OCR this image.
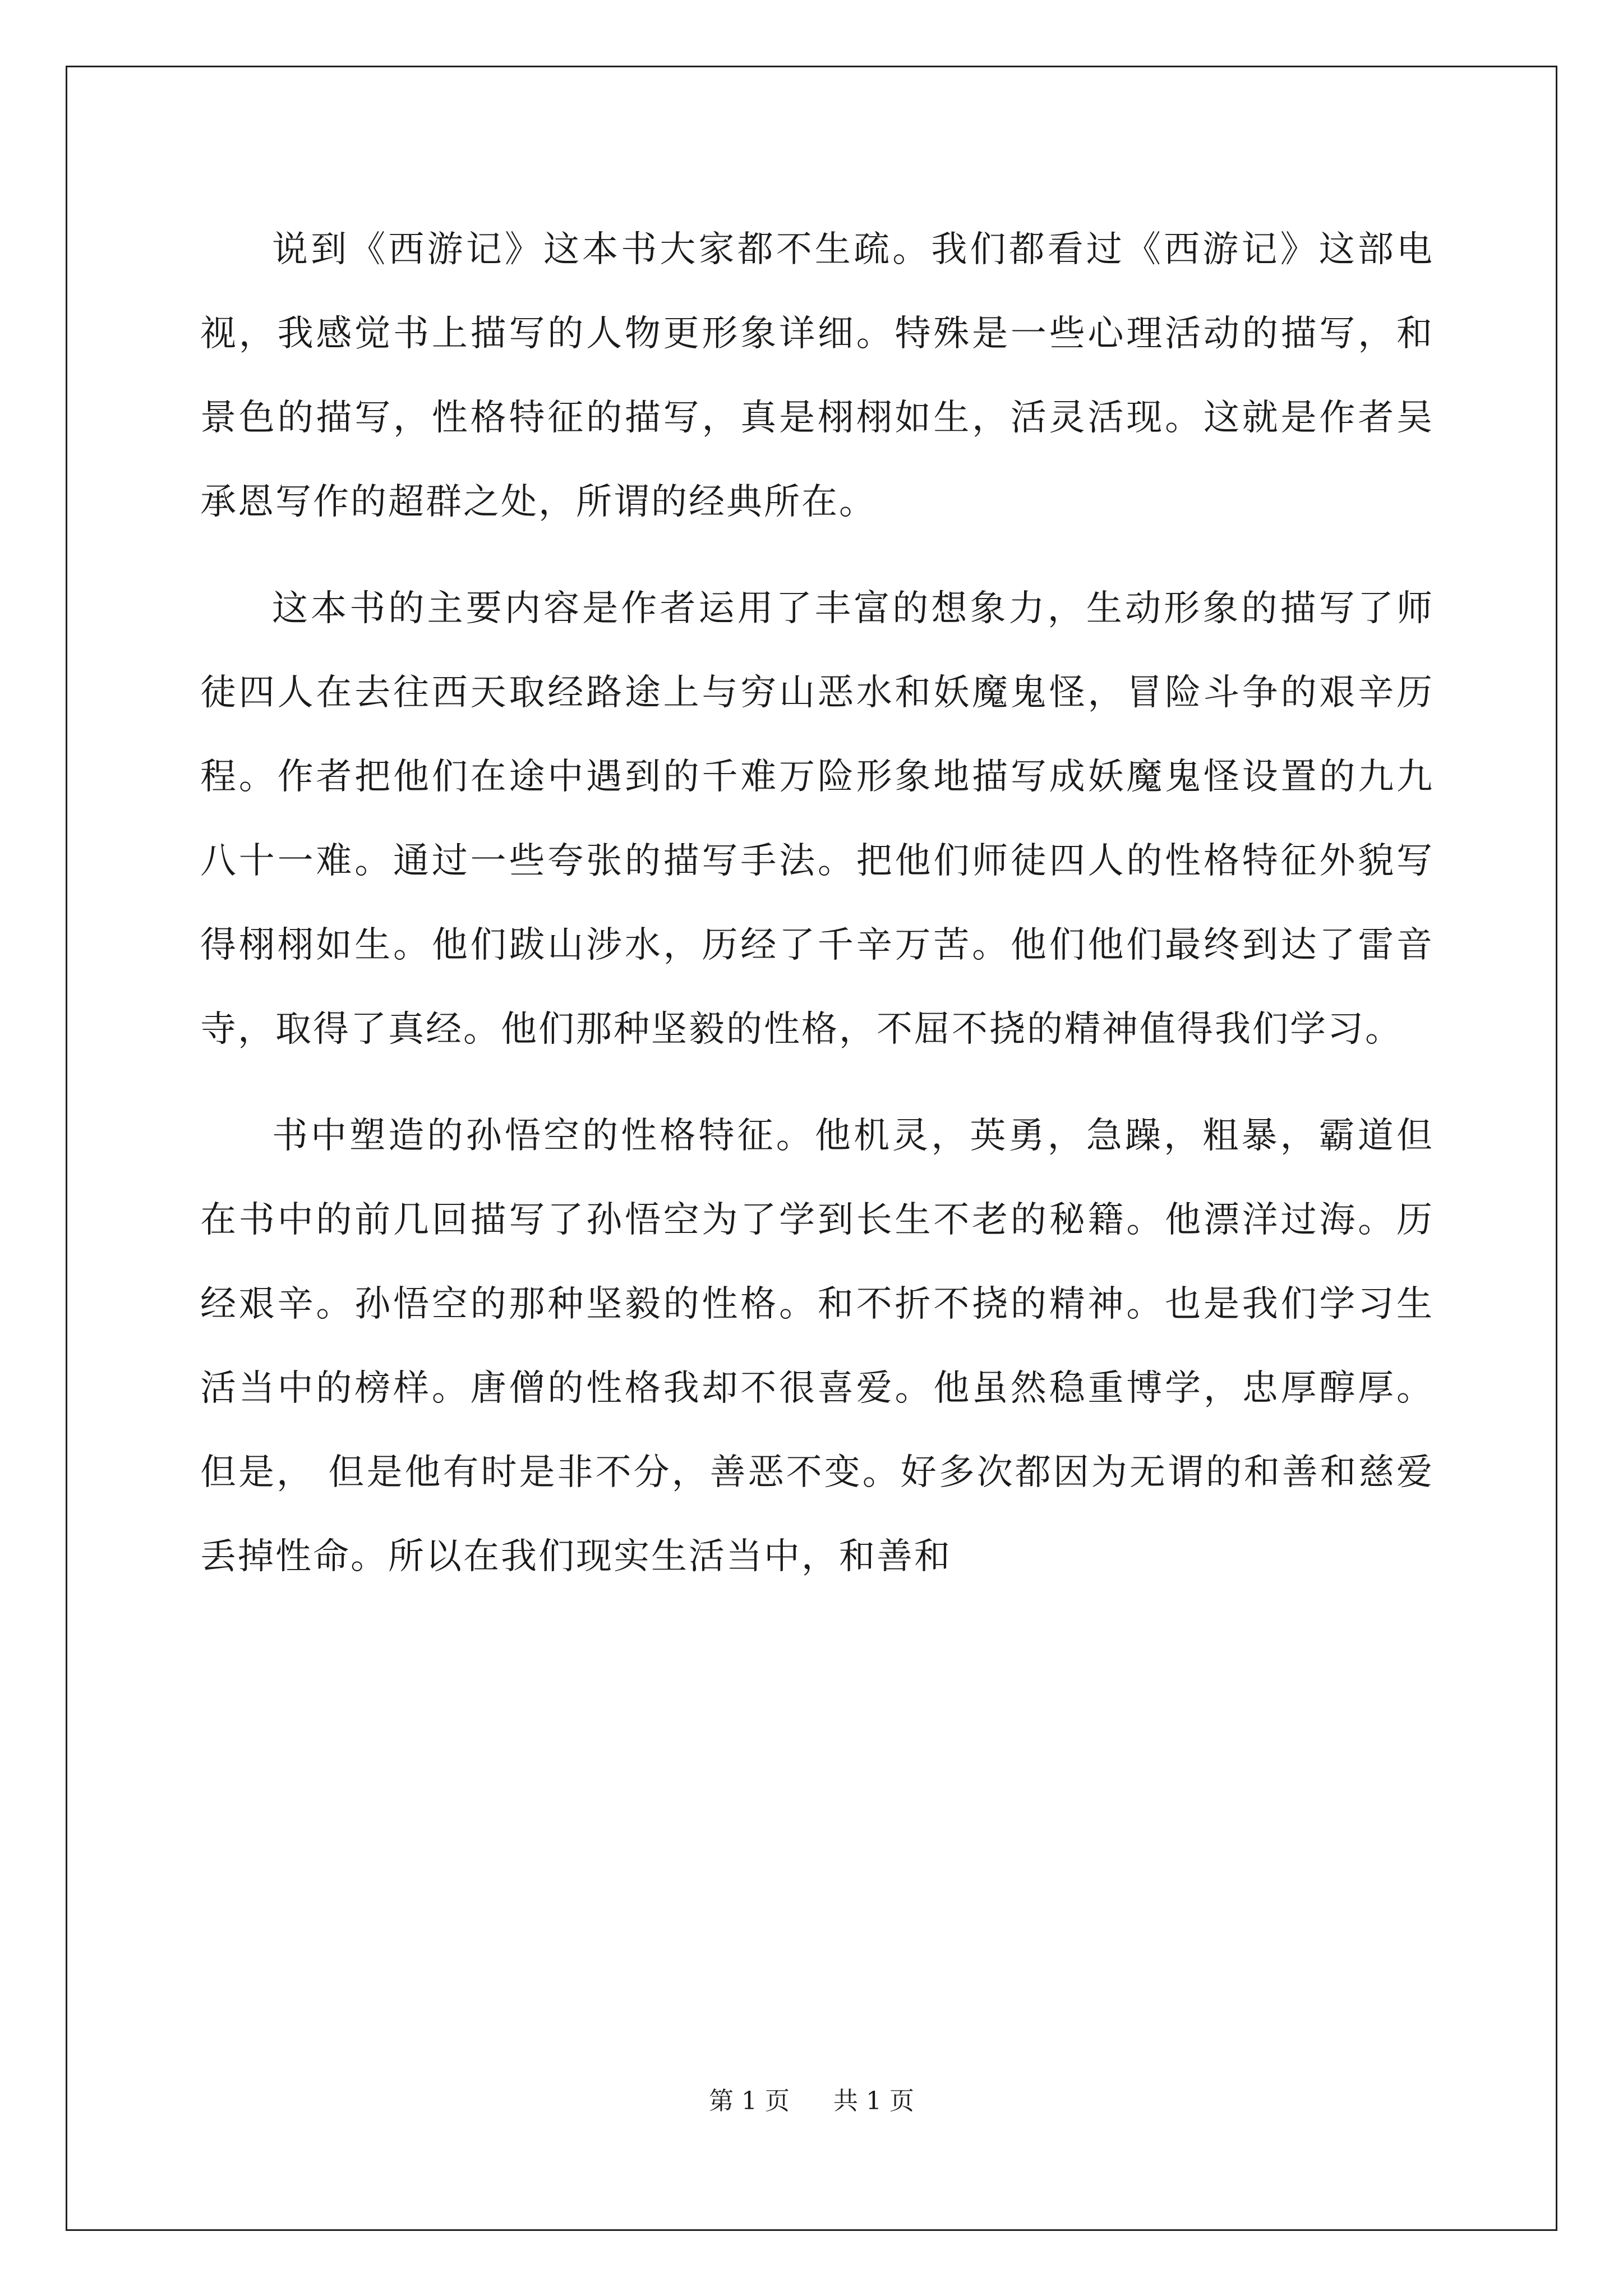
说到《西游记》这本书大家都不生疏。我们都看过《西游记》这部电视，我感觉书上描写的人物更形象详细。特殊是一些心理活动的描写，和景色的描写，性格特征的描写，真是栩栩如生，活灵活现。这就是作者吴承恩写作的超群之处，所谓的经典所在。

这本书的主要内容是作者运用了丰富的想象力，生动形象的描写了师徒四人在去往西天取经路途上与穷山恶水和妖魔鬼怪，冒险斗争的艰辛历程。作者把他们在途中遇到的千难万险形象地描写成妖魔鬼怪设置的九九八十一难。通过一些夸张的描写手法。把他们师徒四人的性格特征外貌写得栩栩如生。他们跋山涉水，历经了千辛万苦。他们他们最终到达了雷音寺，取得了真经。他们那种坚毅的性格，不屈不挠的精神值得我们学习。

书中塑造的孙悟空的性格特征。他机灵，英勇，急躁，粗暴，霸道但在书中的前几回描写了孙悟空为了学到长生不老的秘籍。他漂洋过海。历经艰辛。孙悟空的那种坚毅的性格。和不折不挠的精神。也是我们学习生活当中的榜样。唐僧的性格我却不很喜爱。他虽然稳重博学，忠厚醇厚。但是， 但是他有时是非不分，善恶不变。好多次都因为无谓的和善和慈爱丢掉性命。所以在我们现实生活当中，和善和

第 1 页 共 1 页
